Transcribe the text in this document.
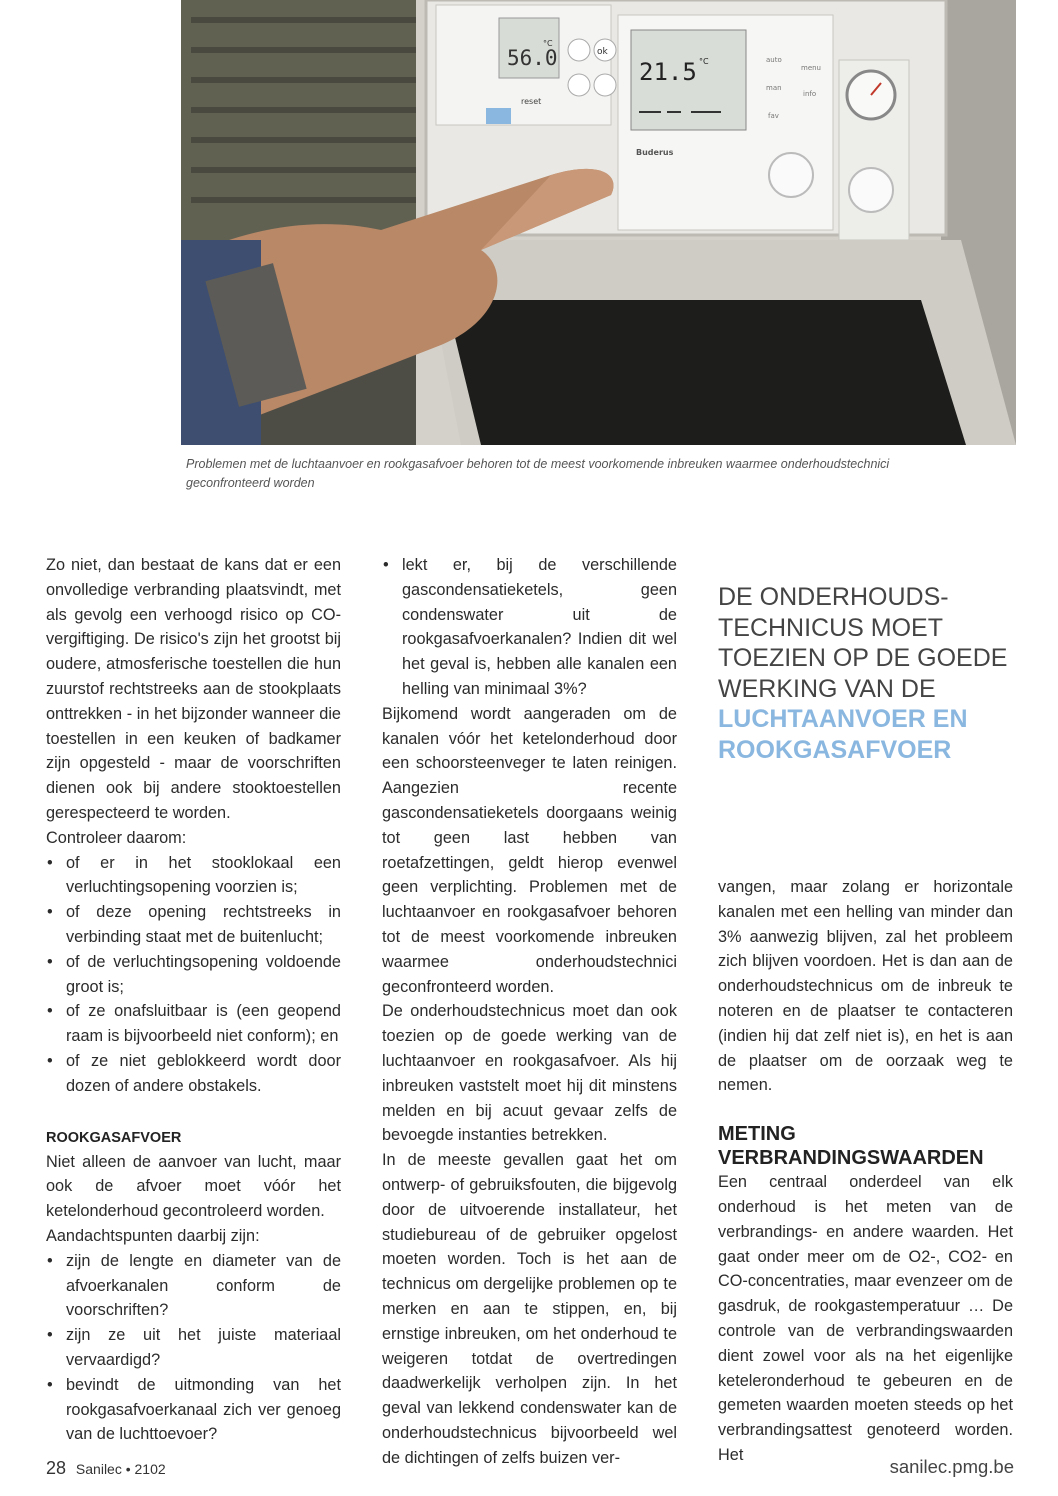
56.0
°C
reset
ok
21.5 °C
Buderus
auto
menu
man
info
fav
Problemen met de luchtaanvoer en rookgasafvoer behoren tot de meest voorkomende inbreuken waarmee onderhoudstechnici geconfronteerd worden

Zo niet, dan bestaat de kans dat er een onvolledige verbranding plaatsvindt, met als gevolg een verhoogd risico op CO-vergiftiging. De risico's zijn het grootst bij oudere, atmosferische toestellen die hun zuurstof rechtstreeks aan de stookplaats onttrekken - in het bijzonder wanneer die toestellen in een keuken of badkamer zijn opgesteld - maar de voorschriften dienen ook bij andere stooktoestellen gerespecteerd te worden.

Controleer daarom:

• of er in het stooklokaal een verluchtingsopening voorzien is;
• of deze opening rechtstreeks in verbinding staat met de buitenlucht;
• of de verluchtingsopening voldoende groot is;
• of ze onafsluitbaar is (een geopend raam is bijvoorbeeld niet conform); en
• of ze niet geblokkeerd wordt door dozen of andere obstakels.
ROOKGASAFVOER

Niet alleen de aanvoer van lucht, maar ook de afvoer moet vóór het ketelonderhoud gecontroleerd worden.

Aandachtspunten daarbij zijn:

• zijn de lengte en diameter van de afvoerkanalen conform de voorschriften?
• zijn ze uit het juiste materiaal vervaardigd?
• bevindt de uitmonding van het rookgasafvoerkanaal zich ver genoeg van de luchttoevoer?
• lekt er, bij de verschillende gascondensatieketels, geen condenswater uit de rookgasafvoerkanalen? Indien dit wel het geval is, hebben alle kanalen een helling van minimaal 3%?

Bijkomend wordt aangeraden om de kanalen vóór het ketelonderhoud door een schoorsteenveger te laten reinigen. Aangezien recente gascondensatieketels doorgaans weinig tot geen last hebben van roetafzettingen, geldt hierop evenwel geen verplichting. Problemen met de luchtaanvoer en rookgasafvoer behoren tot de meest voorkomende inbreuken waarmee onderhoudstechnici geconfronteerd worden.

De onderhoudstechnicus moet dan ook toezien op de goede werking van de luchtaanvoer en rookgasafvoer. Als hij inbreuken vaststelt moet hij dit minstens melden en bij acuut gevaar zelfs de bevoegde instanties betrekken.

In de meeste gevallen gaat het om ontwerp- of gebruiksfouten, die bijgevolg door de uitvoerende installateur, het studiebureau of de gebruiker opgelost moeten worden. Toch is het aan de technicus om dergelijke problemen op te merken en aan te stippen, en, bij ernstige inbreuken, om het onderhoud te weigeren totdat de overtredingen daadwerkelijk verholpen zijn. In het geval van lekkend condenswater kan de onderhoudstechnicus bijvoorbeeld wel de dichtingen of zelfs buizen ver-

DE ONDERHOUDS-TECHNICUS MOET TOEZIEN OP DE GOEDE WERKING VAN DE
LUCHTAANVOER EN ROOKGASAFVOER

vangen, maar zolang er horizontale kanalen met een helling van minder dan 3% aanwezig blijven, zal het probleem zich blijven voordoen. Het is dan aan de onderhoudstechnicus om de inbreuk te noteren en de plaatser te contacteren (indien hij dat zelf niet is), en het is aan de plaatser om de oorzaak weg te nemen.

METING VERBRANDINGSWAARDEN

Een centraal onderdeel van elk onderhoud is het meten van de verbrandings- en andere waarden. Het gaat onder meer om de O2-, CO2- en CO-concentraties, maar evenzeer om de gasdruk, de rookgastemperatuur … De controle van de verbrandingswaarden dient zowel voor als na het eigenlijke keteleronderhoud te gebeuren en de gemeten waarden moeten steeds op het verbrandingsattest genoteerd worden. Het

28 Sanilec • 2102	sanilec.pmg.be
